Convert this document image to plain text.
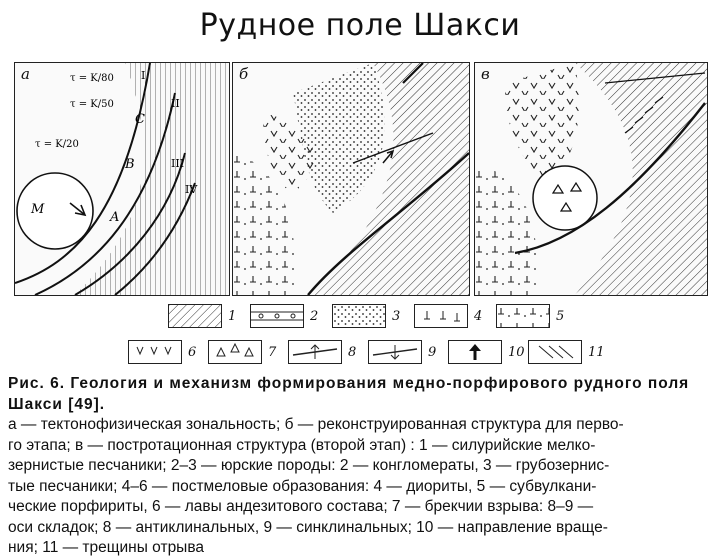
Рудное поле Шакси
а
C
B
A
M
τ = K/80
τ = K/50
τ = K/20
I
II
III
IV
б	в
1	2	3	4	5
6	7	8	9	10	11

Рис. 6. Геология и механизм формирования медно-порфирового рудного поля

Шакси [49].

а — тектонофизическая зональность; б — реконструированная структура для перво-

го этапа; в — постротационная структура (второй этап) : 1 — силурийские мелко-

зернистые песчаники; 2–3 — юрские породы: 2 — конгломераты, 3 — грубозернис-

тые песчаники; 4–6 — постмеловые образования: 4 — диориты, 5 — субвулкани-

ческие порфириты, 6 — лавы андезитового состава; 7 — брекчии взрыва: 8–9 —

оси складок; 8 — антиклинальных, 9 — синклинальных; 10 — направление враще-

ния; 11 — трещины отрыва
